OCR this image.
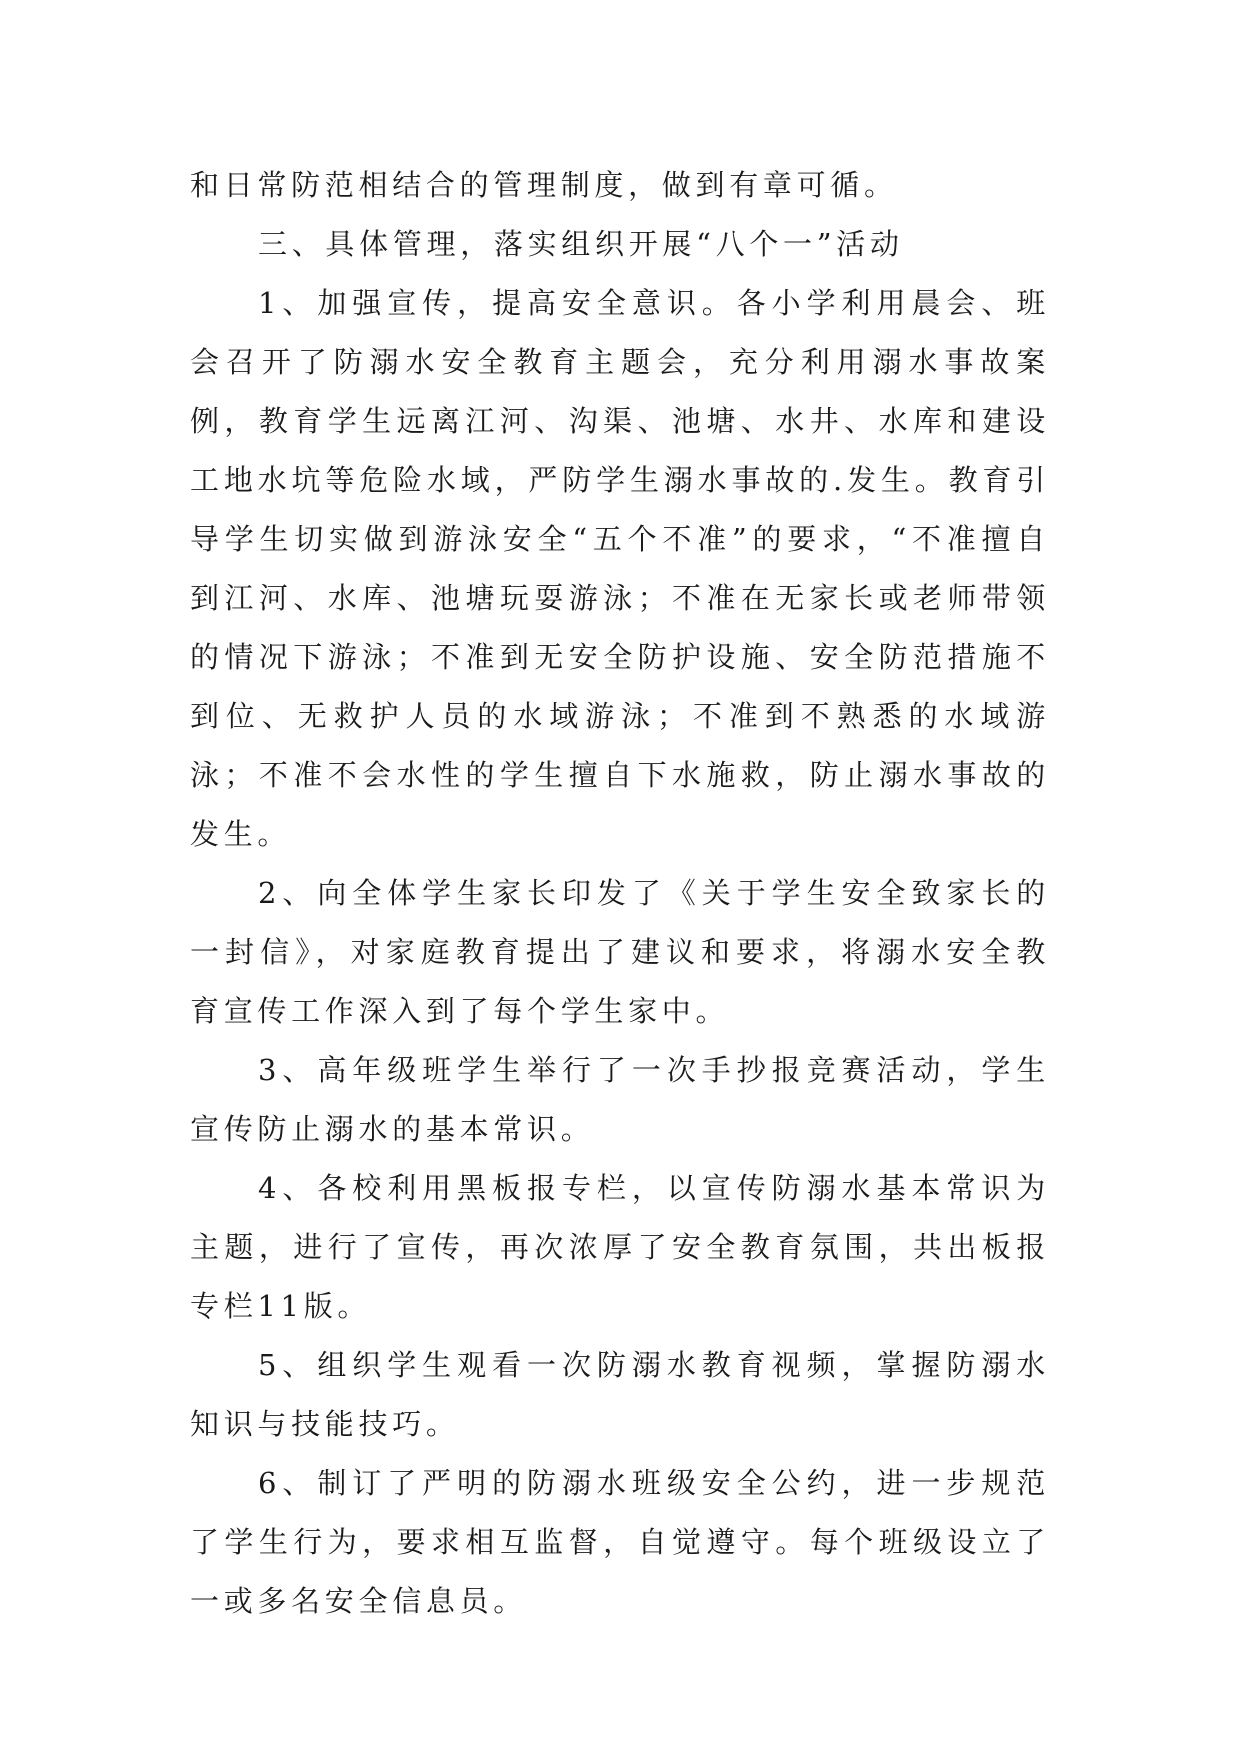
和日常防范相结合的管理制度，做到有章可循。

三、具体管理，落实组织开展“八个一”活动

1、加强宣传，提高安全意识。各小学利用晨会、班会召开了防溺水安全教育主题会，充分利用溺水事故案例，教育学生远离江河、沟渠、池塘、水井、水库和建设工地水坑等危险水域，严防学生溺水事故的.发生。教育引导学生切实做到游泳安全“五个不准”的要求，“不准擅自到江河、水库、池塘玩耍游泳；不准在无家长或老师带领的情况下游泳；不准到无安全防护设施、安全防范措施不到位、无救护人员的水域游泳；不准到不熟悉的水域游泳；不准不会水性的学生擅自下水施救，防止溺水事故的发生。

2、向全体学生家长印发了《关于学生安全致家长的一封信》，对家庭教育提出了建议和要求，将溺水安全教育宣传工作深入到了每个学生家中。

3、高年级班学生举行了一次手抄报竞赛活动，学生宣传防止溺水的基本常识。

4、各校利用黑板报专栏，以宣传防溺水基本常识为主题，进行了宣传，再次浓厚了安全教育氛围，共出板报专栏11版。

5、组织学生观看一次防溺水教育视频，掌握防溺水知识与技能技巧。

6、制订了严明的防溺水班级安全公约，进一步规范了学生行为，要求相互监督，自觉遵守。每个班级设立了一或多名安全信息员。
